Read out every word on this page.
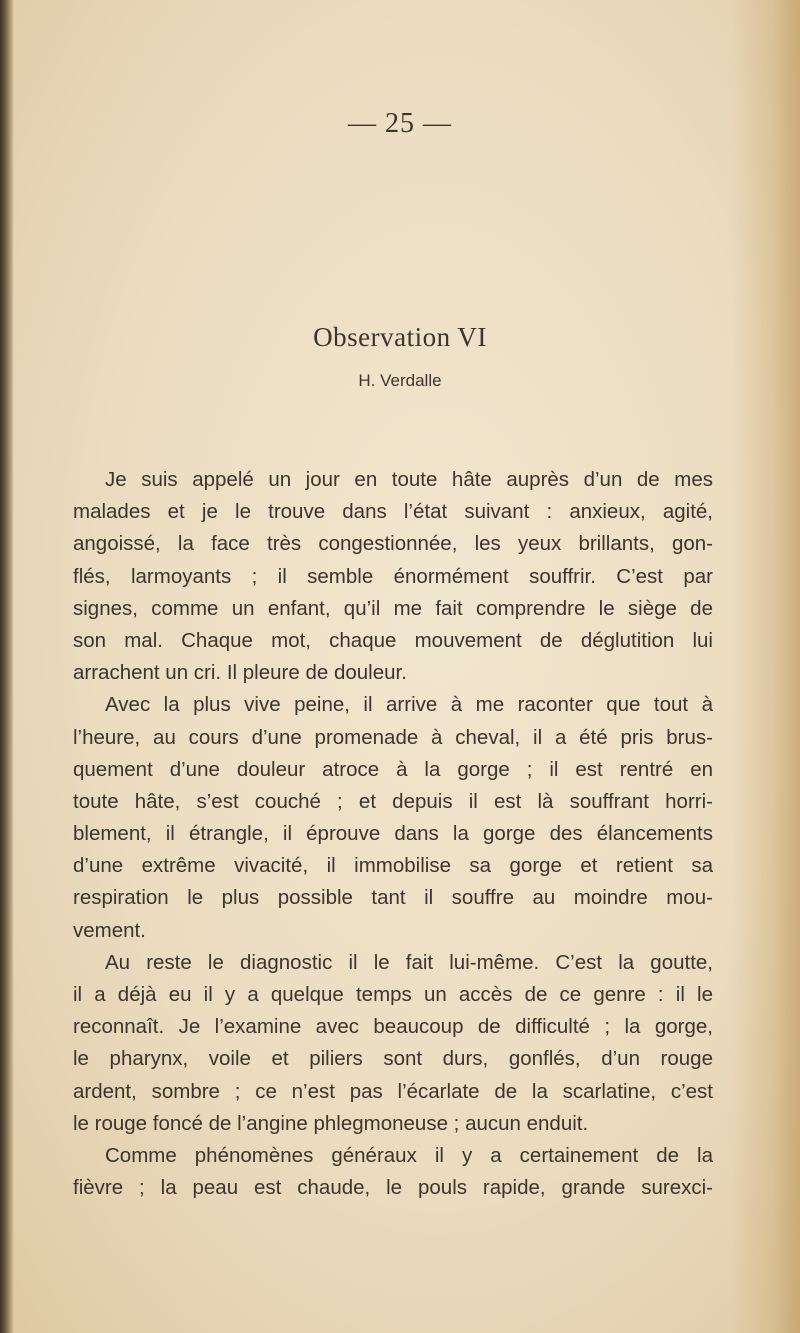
— 25 —
Observation VI
H. Verdalle
Je suis appelé un jour en toute hâte auprès d’un de mes
malades et je le trouve dans l’état suivant : anxieux, agité,
angoissé, la face très congestionnée, les yeux brillants, gon-
flés, larmoyants ; il semble énormément souffrir. C’est par
signes, comme un enfant, qu’il me fait comprendre le siège de
son mal. Chaque mot, chaque mouvement de déglutition lui
arrachent un cri. Il pleure de douleur.
Avec la plus vive peine, il arrive à me raconter que tout à
l’heure, au cours d’une promenade à cheval, il a été pris brus-
quement d’une douleur atroce à la gorge ; il est rentré en
toute hâte, s’est couché ; et depuis il est là souffrant horri-
blement, il étrangle, il éprouve dans la gorge des élancements
d’une extrême vivacité, il immobilise sa gorge et retient sa
respiration le plus possible tant il souffre au moindre mou-
vement.
Au reste le diagnostic il le fait lui-même. C’est la goutte,
il a déjà eu il y a quelque temps un accès de ce genre : il le
reconnaît. Je l’examine avec beaucoup de difficulté ; la gorge,
le pharynx, voile et piliers sont durs, gonflés, d’un rouge
ardent, sombre ; ce n’est pas l’écarlate de la scarlatine, c’est
le rouge foncé de l’angine phlegmoneuse ; aucun enduit.
Comme phénomènes généraux il y a certainement de la
fièvre ; la peau est chaude, le pouls rapide, grande surexci-
